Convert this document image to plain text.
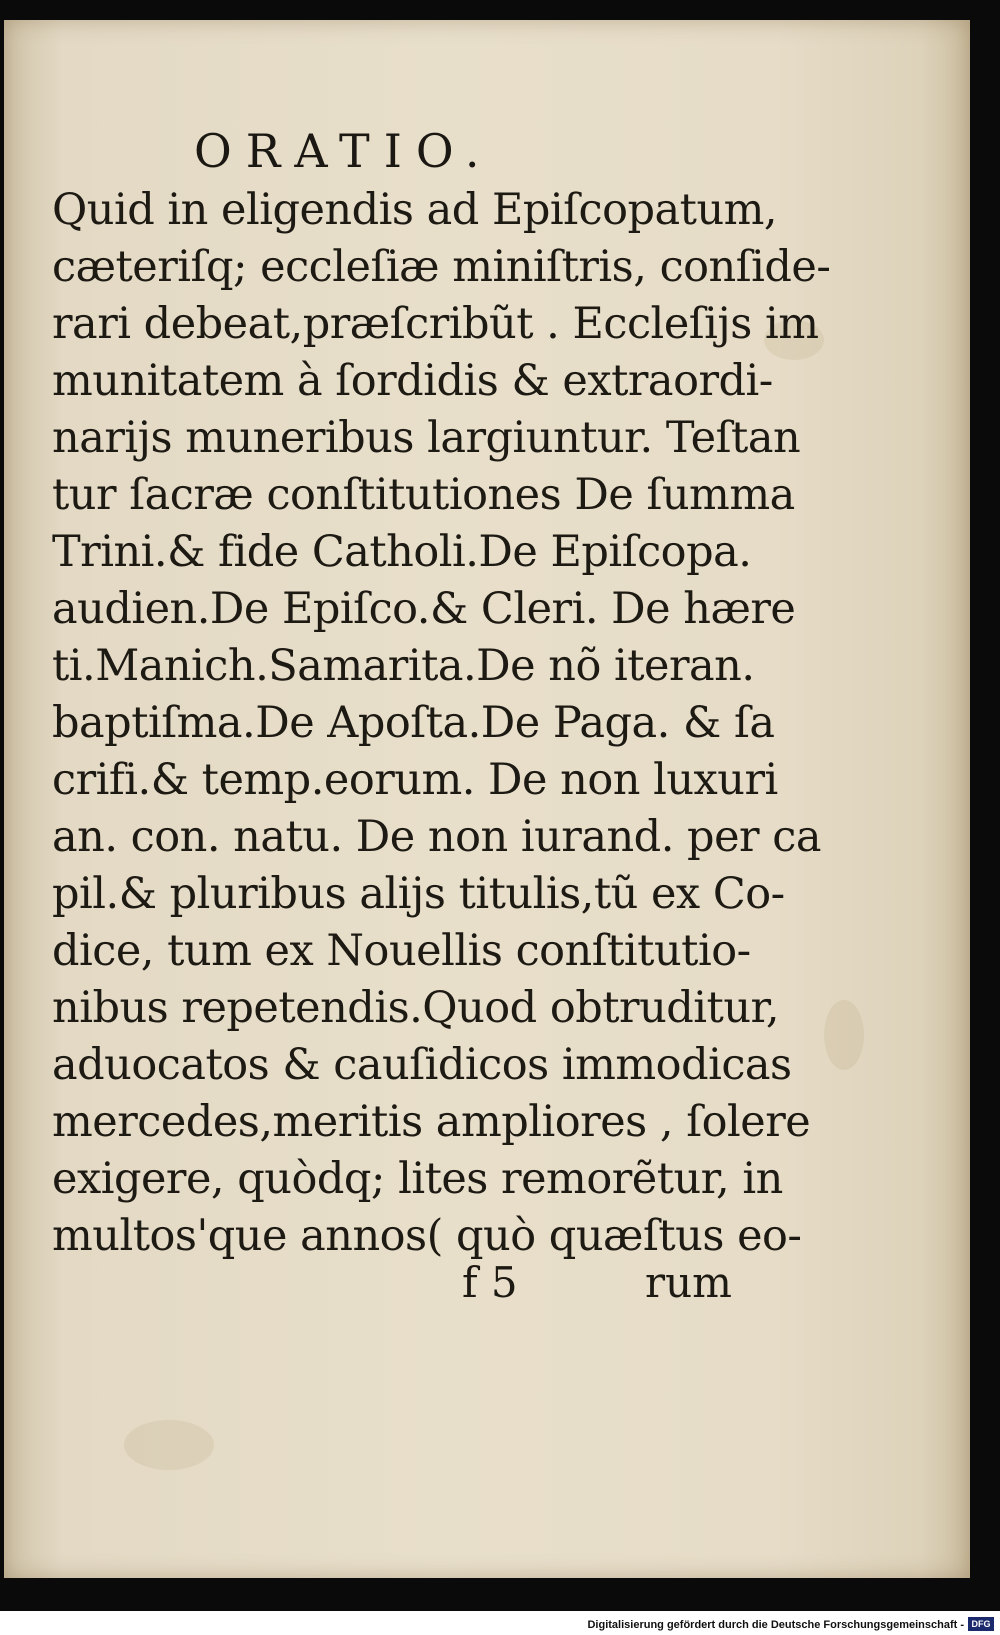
ORATIO.
Quid in eligendis ad Epiſcopatum,
cæteriſq; eccleſiæ miniſtris, conſide-
rari debeat,præſcribũt . Eccleſijs im
munitatem à ſordidis & extraordi-
narijs muneribus largiuntur. Teſtan
tur ſacræ conſtitutiones De ſumma
Trini.& fide Catholi.De Epiſcopa.
audien.De Epiſco.& Cleri. De hære
ti.Manich.Samarita.De nõ iteran.
baptiſma.De Apoſta.De Paga. & ſa
crifi.& temp.eorum. De non luxuri
an. con. natu. De non iurand. per ca
pil.& pluribus alijs titulis,tũ ex Co-
dice, tum ex Nouellis conſtitutio-
nibus repetendis.Quod obtruditur,
aduocatos & cauſidicos immodicas
mercedes,meritis ampliores , ſolere
exigere, quòdq; lites remorẽtur, in
multos'que annos( quò quæſtus eo-
f 5	rum
Digitalisierung gefördert durch die Deutsche Forschungsgemeinschaft - DFG
